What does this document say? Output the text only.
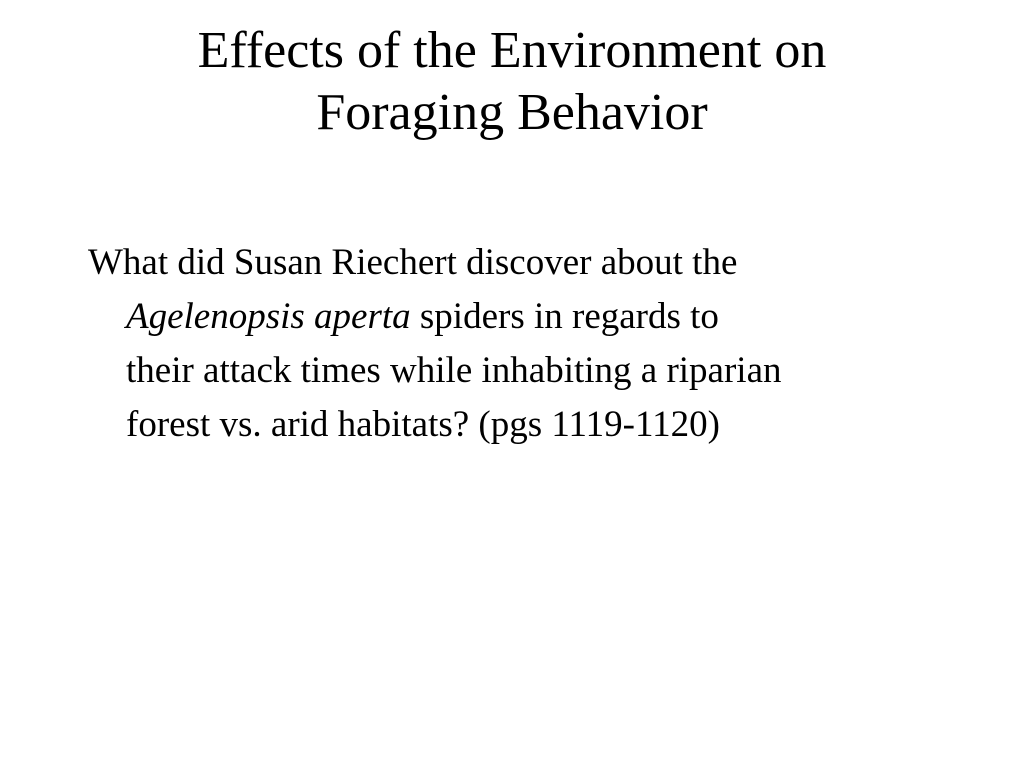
Effects of the Environment on
Foraging Behavior
What did Susan Riechert discover about the
Agelenopsis aperta spiders in regards to
their attack times while inhabiting a riparian
forest vs. arid habitats? (pgs 1119-1120)
